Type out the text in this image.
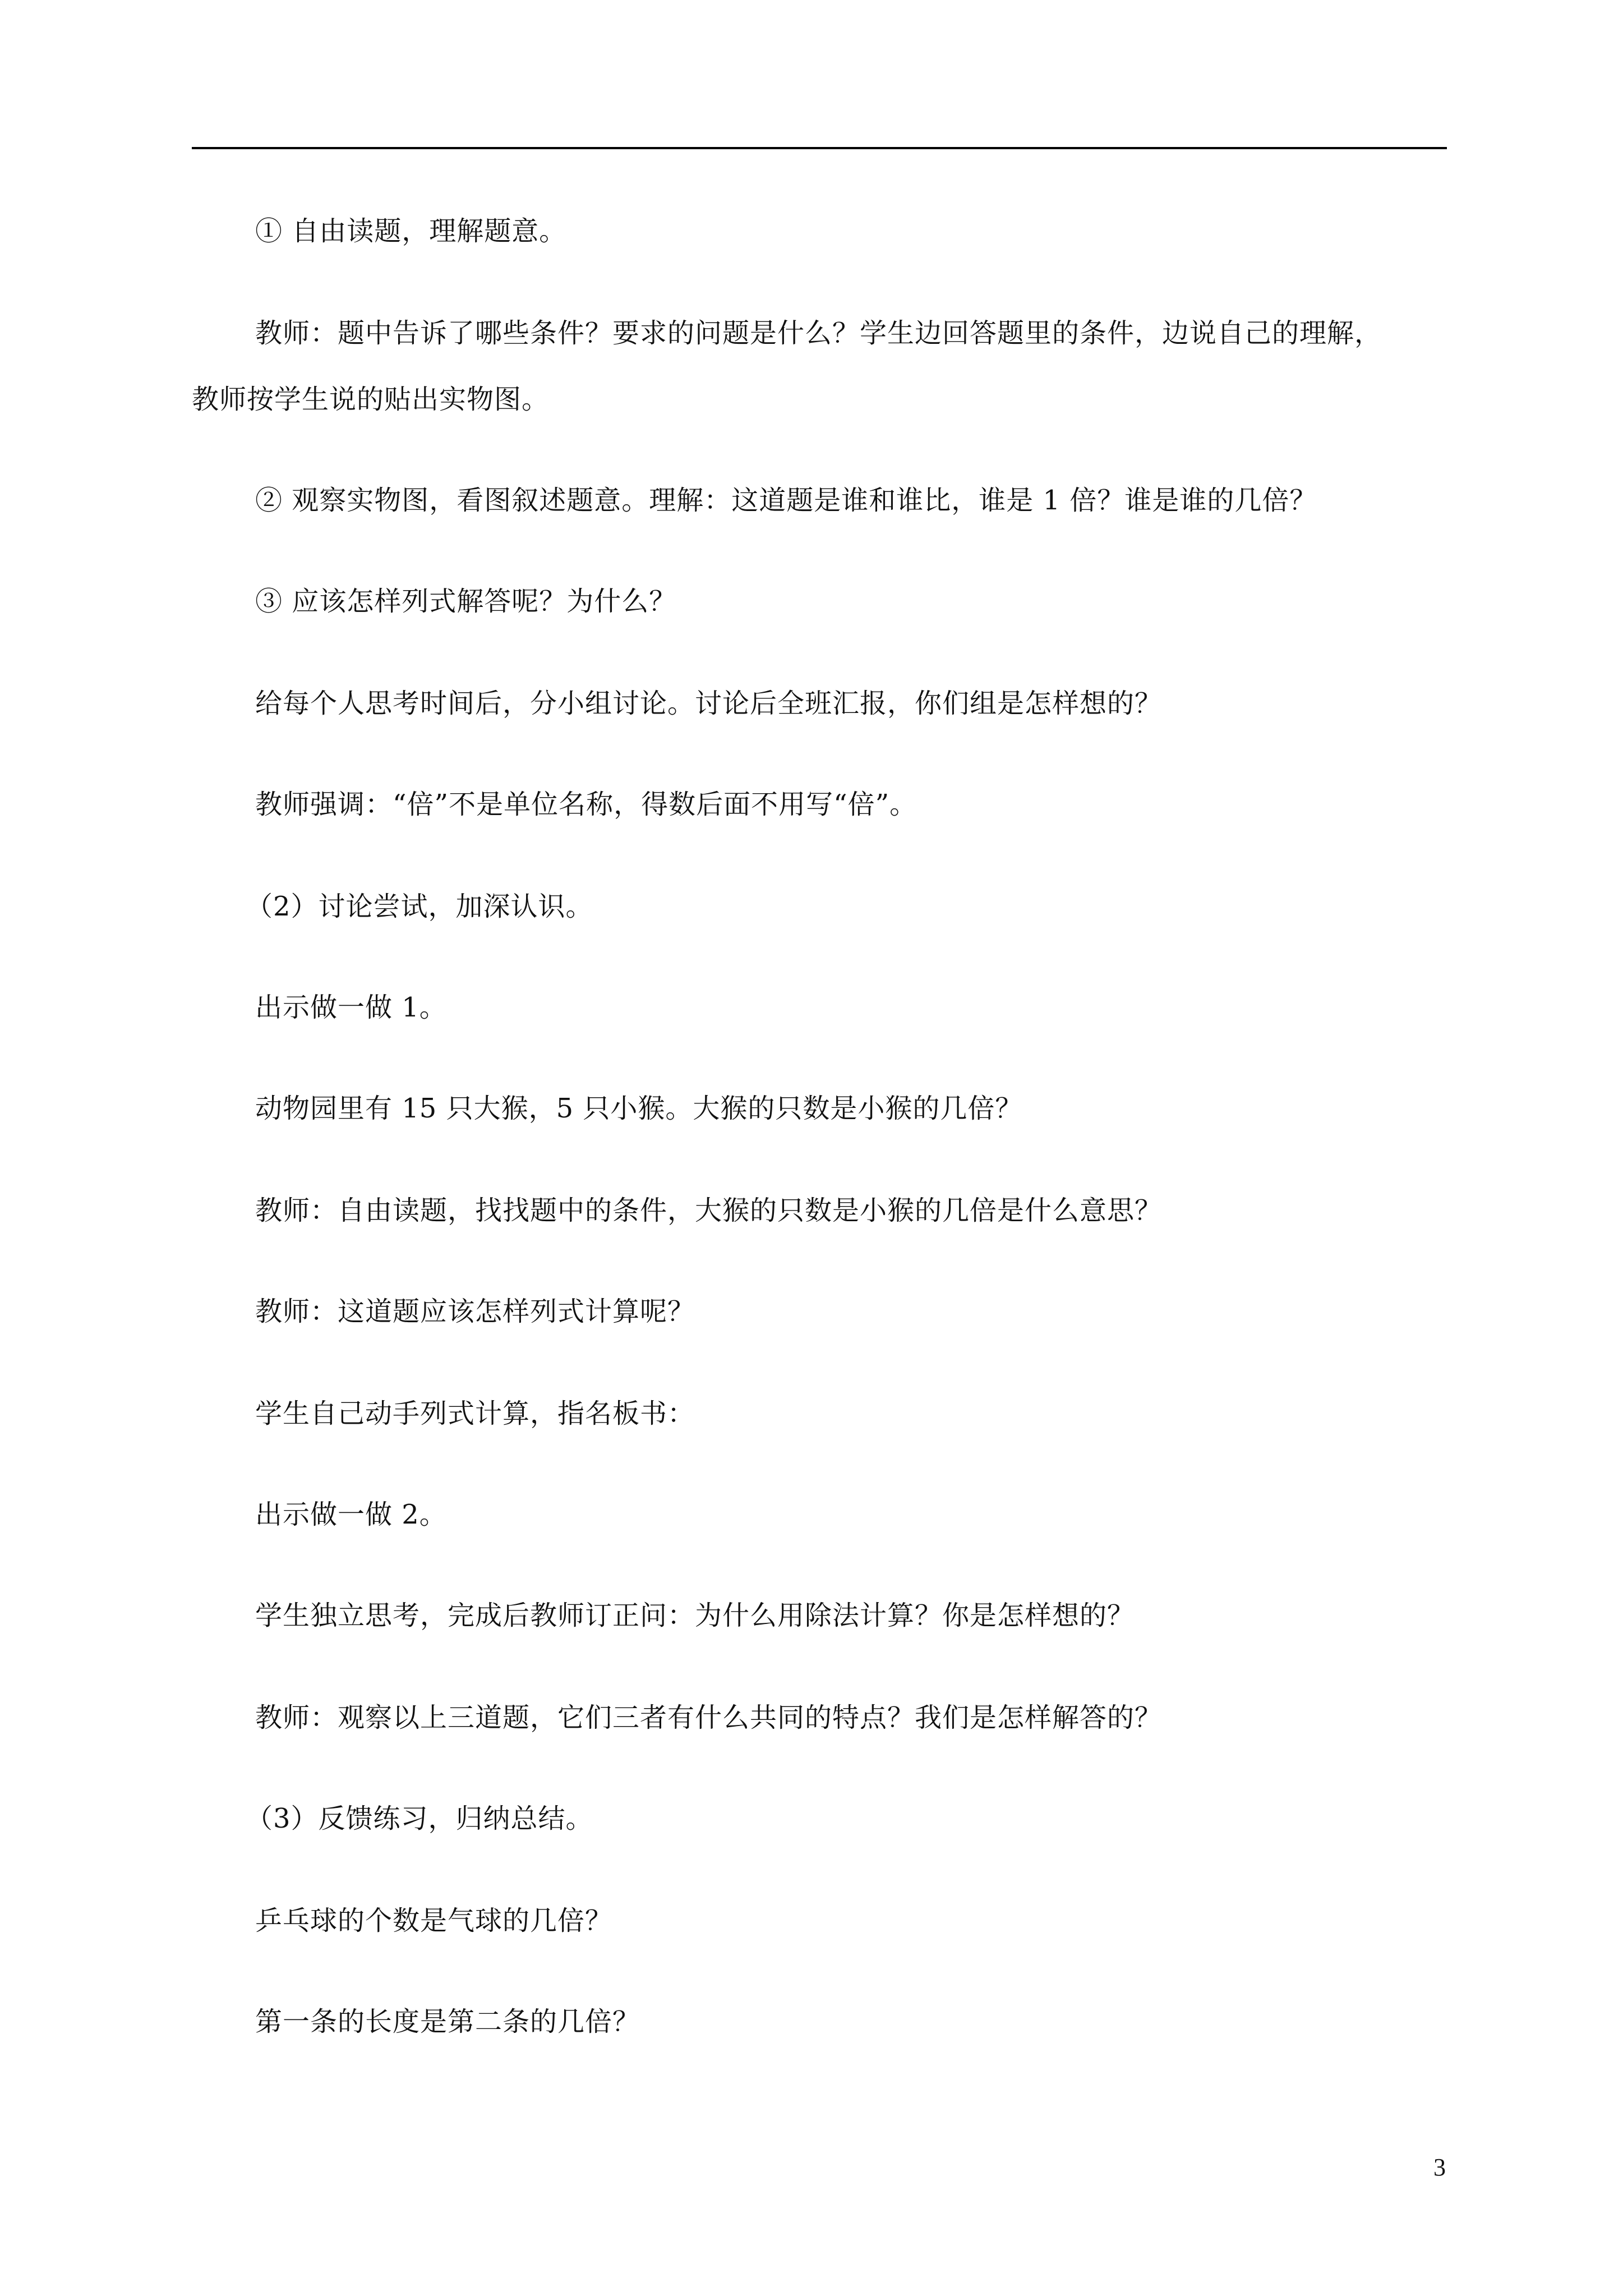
① 自由读题，理解题意。
教师：题中告诉了哪些条件？要求的问题是什么？学生边回答题里的条件，边说自己的理解，
教师按学生说的贴出实物图。
② 观察实物图，看图叙述题意。理解：这道题是谁和谁比，谁是 1 倍？谁是谁的几倍？
③ 应该怎样列式解答呢？为什么？
给每个人思考时间后，分小组讨论。讨论后全班汇报，你们组是怎样想的？
教师强调：“倍”不是单位名称，得数后面不用写“倍”。
（2）讨论尝试，加深认识。
出示做一做 1。
动物园里有 15 只大猴，5 只小猴。大猴的只数是小猴的几倍？
教师：自由读题，找找题中的条件，大猴的只数是小猴的几倍是什么意思？
教师：这道题应该怎样列式计算呢？
学生自己动手列式计算，指名板书：
出示做一做 2。
学生独立思考，完成后教师订正问：为什么用除法计算？你是怎样想的？
教师：观察以上三道题，它们三者有什么共同的特点？我们是怎样解答的？
（3）反馈练习，归纳总结。
乒乓球的个数是气球的几倍？
第一条的长度是第二条的几倍？
3
